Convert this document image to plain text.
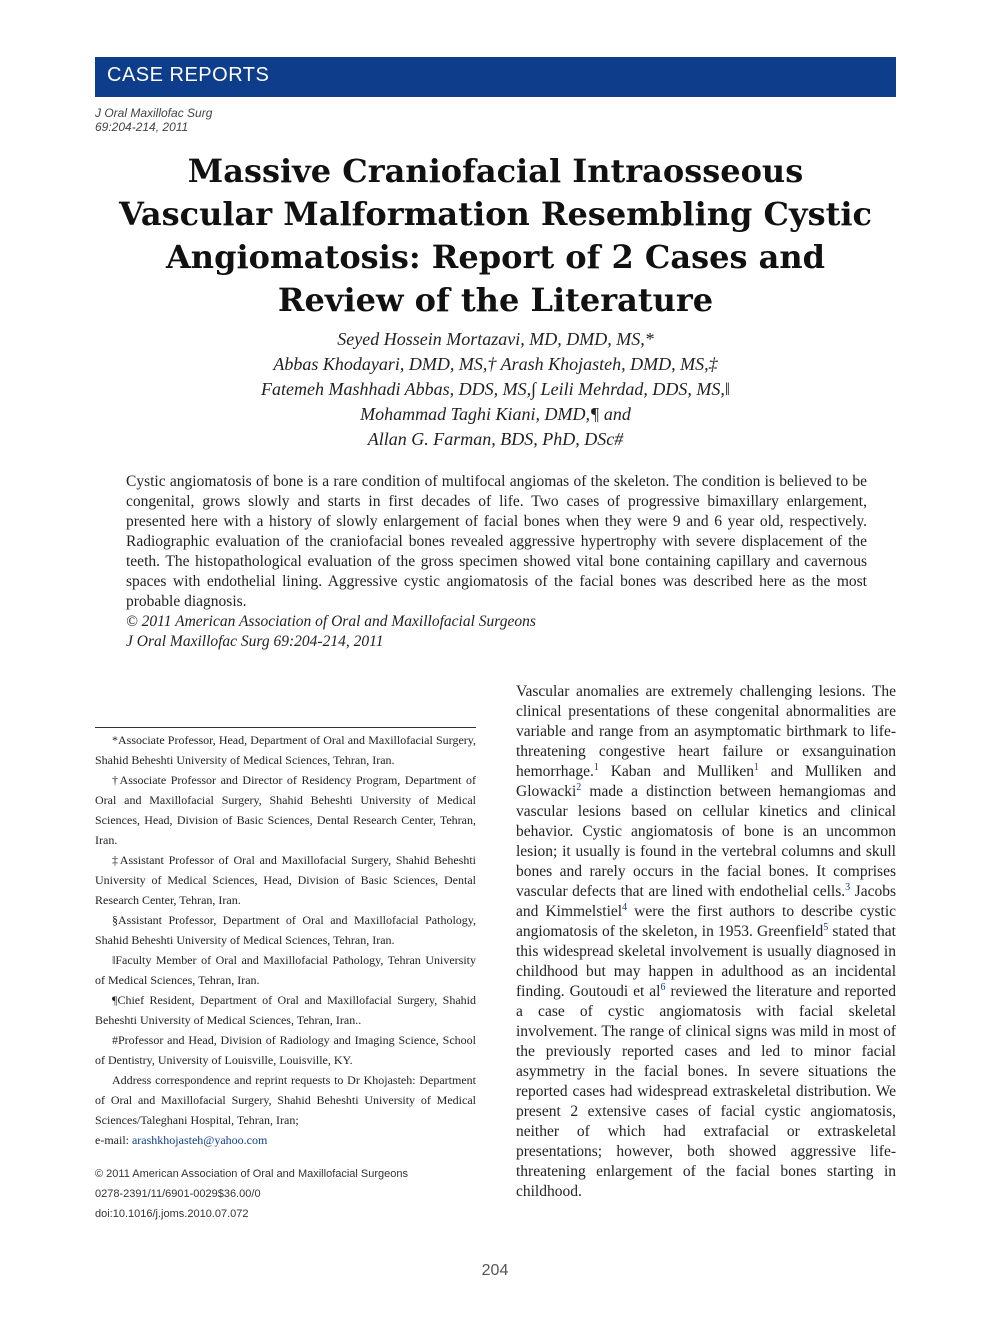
CASE REPORTS
J Oral Maxillofac Surg
69:204-214, 2011
Massive Craniofacial Intraosseous
Vascular Malformation Resembling Cystic
Angiomatosis: Report of 2 Cases and
Review of the Literature
Seyed Hossein Mortazavi, MD, DMD, MS,*
Abbas Khodayari, DMD, MS,† Arash Khojasteh, DMD, MS,‡
Fatemeh Mashhadi Abbas, DDS, MS,∫ Leili Mehrdad, DDS, MS,‖
Mohammad Taghi Kiani, DMD,¶ and
Allan G. Farman, BDS, PhD, DSc#
Cystic angiomatosis of bone is a rare condition of multifocal angiomas of the skeleton. The condition is believed to be congenital, grows slowly and starts in first decades of life. Two cases of progressive bimaxillary enlargement, presented here with a history of slowly enlargement of facial bones when they were 9 and 6 year old, respectively. Radiographic evaluation of the craniofacial bones revealed aggressive hypertrophy with severe displacement of the teeth. The histopathological evaluation of the gross specimen showed vital bone containing capillary and cavernous spaces with endothelial lining. Aggressive cystic angiomatosis of the facial bones was described here as the most probable diagnosis.
© 2011 American Association of Oral and Maxillofacial Surgeons
J Oral Maxillofac Surg 69:204-214, 2011
*Associate Professor, Head, Department of Oral and Maxillofacial Surgery, Shahid Beheshti University of Medical Sciences, Tehran, Iran.
†Associate Professor and Director of Residency Program, Department of Oral and Maxillofacial Surgery, Shahid Beheshti University of Medical Sciences, Head, Division of Basic Sciences, Dental Research Center, Tehran, Iran.
‡Assistant Professor of Oral and Maxillofacial Surgery, Shahid Beheshti University of Medical Sciences, Head, Division of Basic Sciences, Dental Research Center, Tehran, Iran.
§Assistant Professor, Department of Oral and Maxillofacial Pathology, Shahid Beheshti University of Medical Sciences, Tehran, Iran.
‖Faculty Member of Oral and Maxillofacial Pathology, Tehran University of Medical Sciences, Tehran, Iran.
¶Chief Resident, Department of Oral and Maxillofacial Surgery, Shahid Beheshti University of Medical Sciences, Tehran, Iran..
#Professor and Head, Division of Radiology and Imaging Science, School of Dentistry, University of Louisville, Louisville, KY.
Address correspondence and reprint requests to Dr Khojasteh: Department of Oral and Maxillofacial Surgery, Shahid Beheshti University of Medical Sciences/Taleghani Hospital, Tehran, Iran;
e-mail: arashkhojasteh@yahoo.com
© 2011 American Association of Oral and Maxillofacial Surgeons
0278-2391/11/6901-0029$36.00/0
doi:10.1016/j.joms.2010.07.072
Vascular anomalies are extremely challenging lesions. The clinical presentations of these congenital abnormalities are variable and range from an asymptomatic birthmark to life-threatening congestive heart failure or exsanguination hemorrhage.$^1$ Kaban and Mulliken$^1$ and Mulliken and Glowacki$^2$ made a distinction between hemangiomas and vascular lesions based on cellular kinetics and clinical behavior. Cystic angiomatosis of bone is an uncommon lesion; it usually is found in the vertebral columns and skull bones and rarely occurs in the facial bones. It comprises vascular defects that are lined with endothelial cells.$^3$ Jacobs and Kimmelstiel$^4$ were the first authors to describe cystic angiomatosis of the skeleton, in 1953. Greenfield$^5$ stated that this widespread skeletal involvement is usually diagnosed in childhood but may happen in adulthood as an incidental finding. Goutoudi et $al^6$ reviewed the literature and reported a case of cystic angiomatosis with facial skeletal involvement. The range of clinical signs was mild in most of the previously reported cases and led to minor facial asymmetry in the facial bones. In severe situations the reported cases had widespread extraskeletal distribution. We present 2 extensive cases of facial cystic angiomatosis, neither of which had extrafacial or extraskeletal presentations; however, both showed aggressive life-threatening enlargement of the facial bones starting in childhood.
204
